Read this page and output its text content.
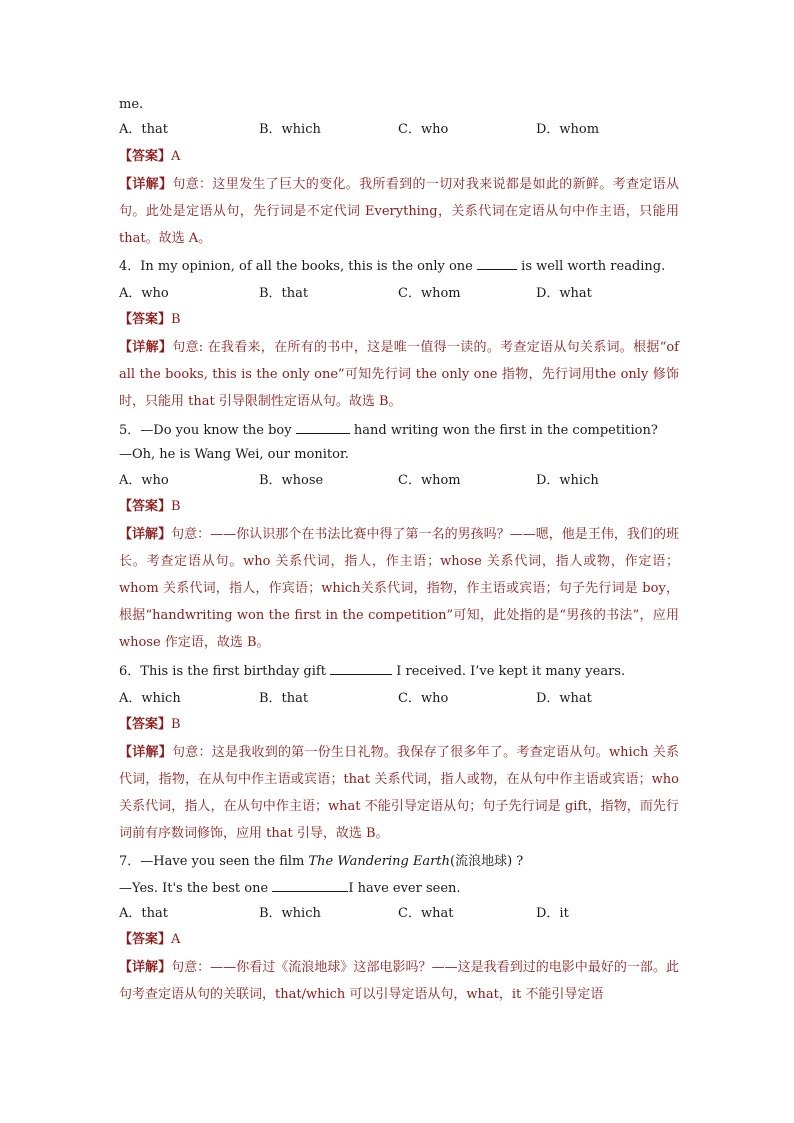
me.
A．that	B．which	C．who	D．whom
【答案】A
【详解】句意：这里发生了巨大的变化。我所看到的一切对我来说都是如此的新鲜。考查定语从句。此处是定语从句，先行词是不定代词 Everything，关系代词在定语从句中作主语，只能用that。故选 A。
4．In my opinion, of all the books, this is the only one	is well worth reading.
A．who	B．that	C．whom	D．what
【答案】B
【详解】句意: 在我看来，在所有的书中，这是唯一值得一读的。考查定语从句关系词。根据“of all the books, this is the only one”可知先行词 the only one 指物，先行词用the only 修饰时，只能用 that 引导限制性定语从句。故选 B。
5．—Do you know the boy	hand writing won the first in the competition?
—Oh, he is Wang Wei, our monitor.
A．who	B．whose	C．whom	D．which
【答案】B
【详解】句意：——你认识那个在书法比赛中得了第一名的男孩吗？——嗯，他是王伟，我们的班长。考查定语从句。who 关系代词，指人，作主语；whose 关系代词，指人或物，作定语；whom 关系代词，指人，作宾语；which关系代词，指物，作主语或宾语；句子先行词是 boy，根据“handwriting won the first in the competition”可知，此处指的是“男孩的书法”，应用 whose 作定语，故选 B。
6．This is the first birthday gift	I received. I’ve kept it many years.
A．which	B．that	C．who	D．what
【答案】B
【详解】句意：这是我收到的第一份生日礼物。我保存了很多年了。考查定语从句。which 关系代词，指物，在从句中作主语或宾语；that 关系代词，指人或物，在从句中作主语或宾语；who 关系代词，指人，在从句中作主语；what 不能引导定语从句；句子先行词是 gift，指物，而先行词前有序数词修饰，应用 that 引导，故选 B。
7．—Have you seen the film The Wandering Earth(流浪地球) ?
—Yes. It's the best one	I have ever seen.
A．that	B．which	C．what	D．it
【答案】A
【详解】句意：——你看过《流浪地球》这部电影吗？——这是我看到过的电影中最好的一部。此句考查定语从句的关联词，that/which 可以引导定语从句，what，it 不能引导定语
